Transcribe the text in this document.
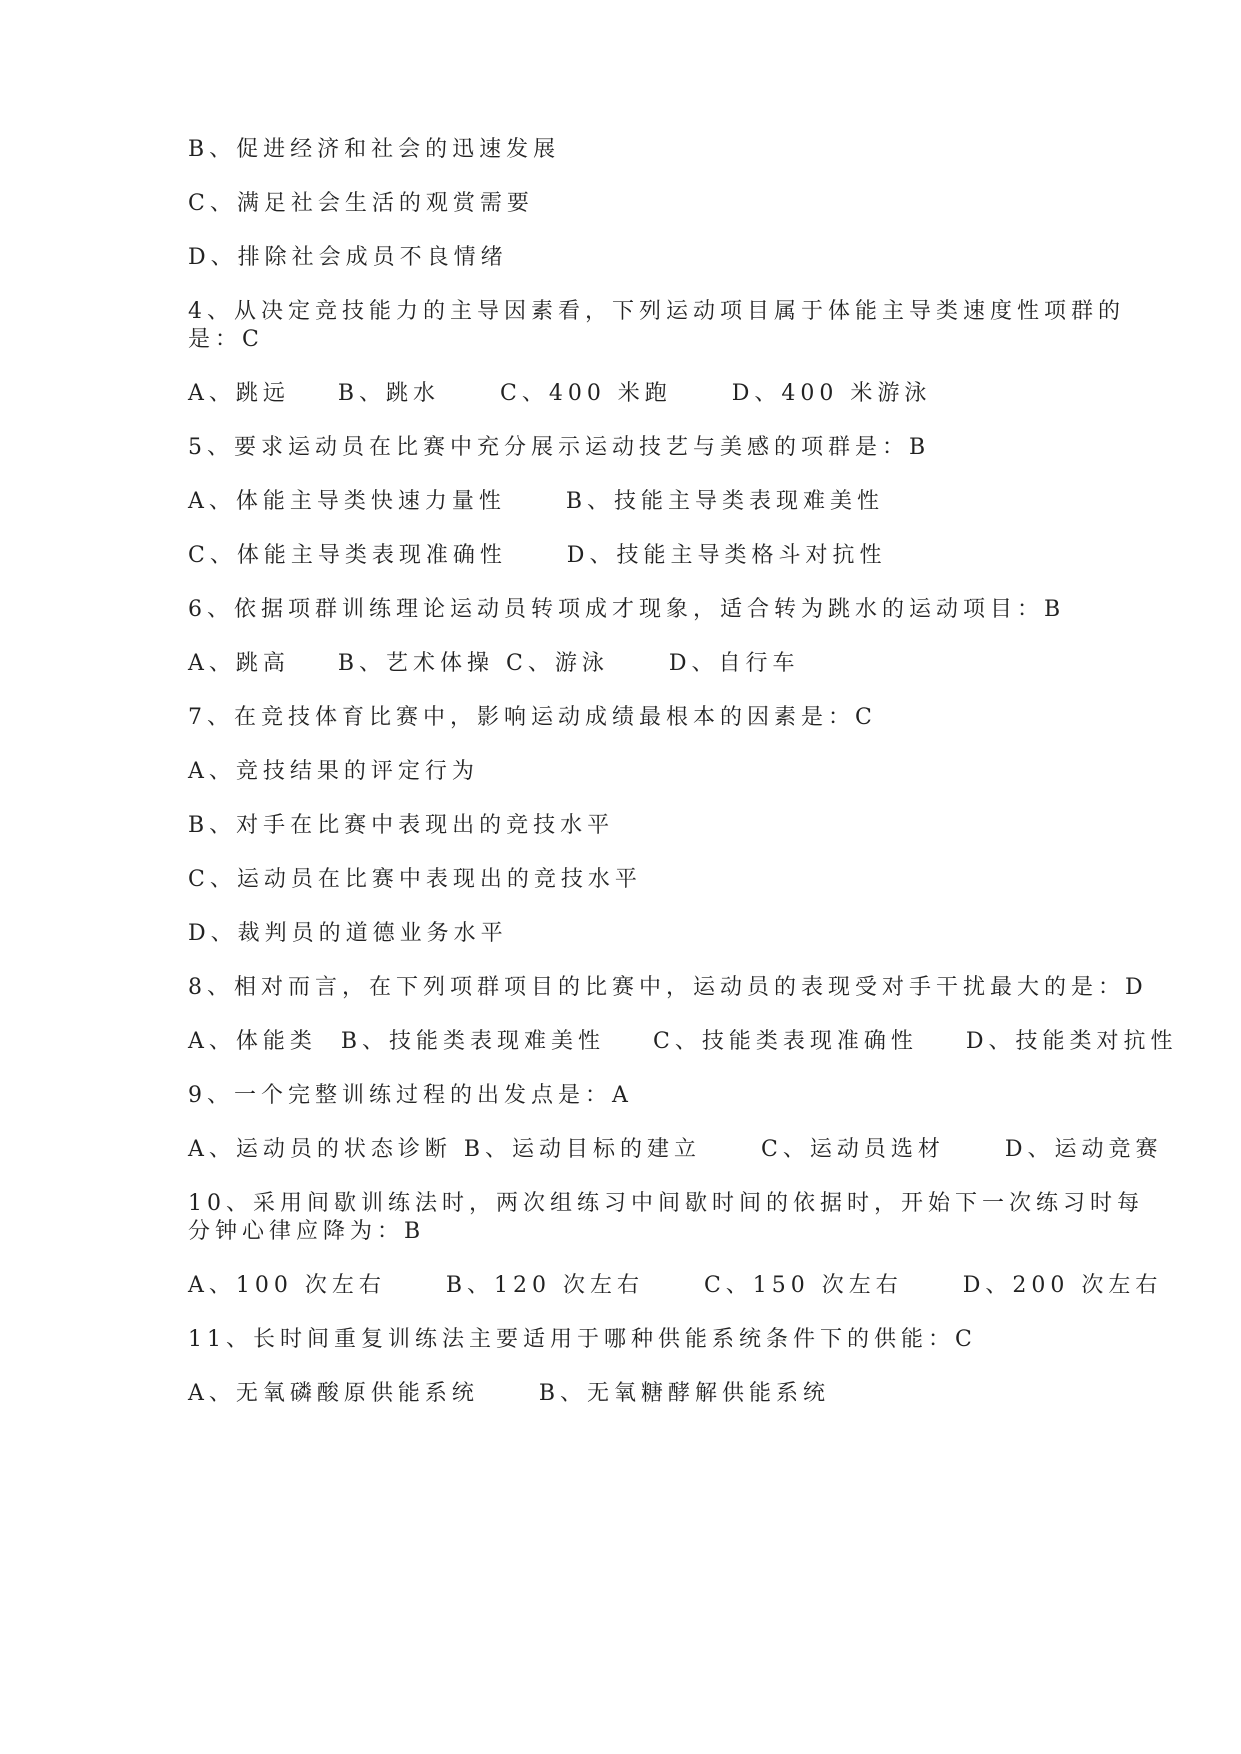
B、促进经济和社会的迅速发展
C、满足社会生活的观赏需要
D、排除社会成员不良情绪
4、从决定竞技能力的主导因素看，下列运动项目属于体能主导类速度性项群的
是：C
A、跳远    B、跳水     C、400 米跑     D、400 米游泳
5、要求运动员在比赛中充分展示运动技艺与美感的项群是：B
A、体能主导类快速力量性     B、技能主导类表现难美性
C、体能主导类表现准确性     D、技能主导类格斗对抗性
6、依据项群训练理论运动员转项成才现象，适合转为跳水的运动项目：B
A、跳高    B、艺术体操 C、游泳     D、自行车
7、在竞技体育比赛中，影响运动成绩最根本的因素是：C
A、竞技结果的评定行为
B、对手在比赛中表现出的竞技水平
C、运动员在比赛中表现出的竞技水平
D、裁判员的道德业务水平
8、相对而言，在下列项群项目的比赛中，运动员的表现受对手干扰最大的是：D
A、体能类  B、技能类表现难美性    C、技能类表现准确性    D、技能类对抗性
9、一个完整训练过程的出发点是：A
A、运动员的状态诊断 B、运动目标的建立     C、运动员选材     D、运动竞赛
10、采用间歇训练法时，两次组练习中间歇时间的依据时，开始下一次练习时每
分钟心律应降为：B
A、100 次左右     B、120 次左右     C、150 次左右     D、200 次左右
11、长时间重复训练法主要适用于哪种供能系统条件下的供能：C
A、无氧磷酸原供能系统     B、无氧糖酵解供能系统
